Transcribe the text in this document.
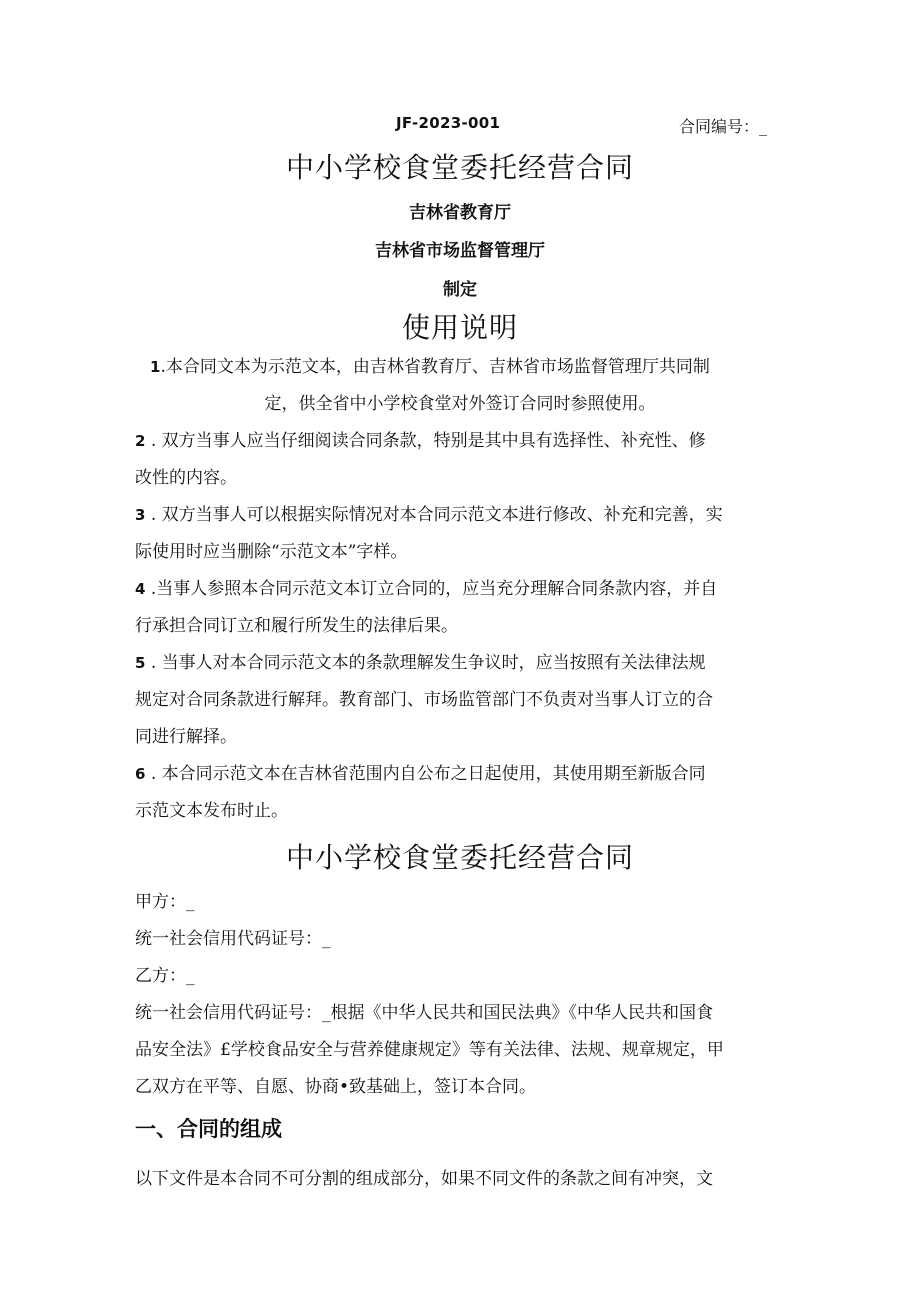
JF-2023-001	合同编号：_
中小学校食堂委托经营合同
吉林省教育厅
吉林省市场监督管理厅
制定
使用说明
1.本合同文本为示范文本，由吉林省教育厅、吉林省市场监督管理厅共同制
定，供全省中小学校食堂对外签订合同时参照使用。
2 . 双方当事人应当仔细阅读合同条款，特别是其中具有选择性、补充性、修
改性的内容。
3 . 双方当事人可以根据实际情况对本合同示范文本进行修改、补充和完善，实
际使用时应当删除“示范文本”字样。
4 .当事人参照本合同示范文本订立合同的，应当充分理解合同条款内容，并自
行承担合同订立和履行所发生的法律后果。
5 . 当事人对本合同示范文本的条款理解发生争议时，应当按照有关法律法规
规定对合同条款进行解拜。教育部门、市场监管部门不负责对当事人订立的合
同进行解择。
6 . 本合同示范文本在吉林省范围内自公布之日起使用，其使用期至新版合同
示范文本发布时止。
中小学校食堂委托经营合同
甲方：_
统一社会信用代码证号：_
乙方：_
统一社会信用代码证号：_根据《中华人民共和国民法典》《中华人民共和国食
品安全法》£学校食品安全与营养健康规定》等有关法律、法规、规章规定，甲
乙双方在平等、自愿、协商•致基础上，签订本合同。
一、合同的组成
以下文件是本合同不可分割的组成部分，如果不同文件的条款之间有冲突，文
